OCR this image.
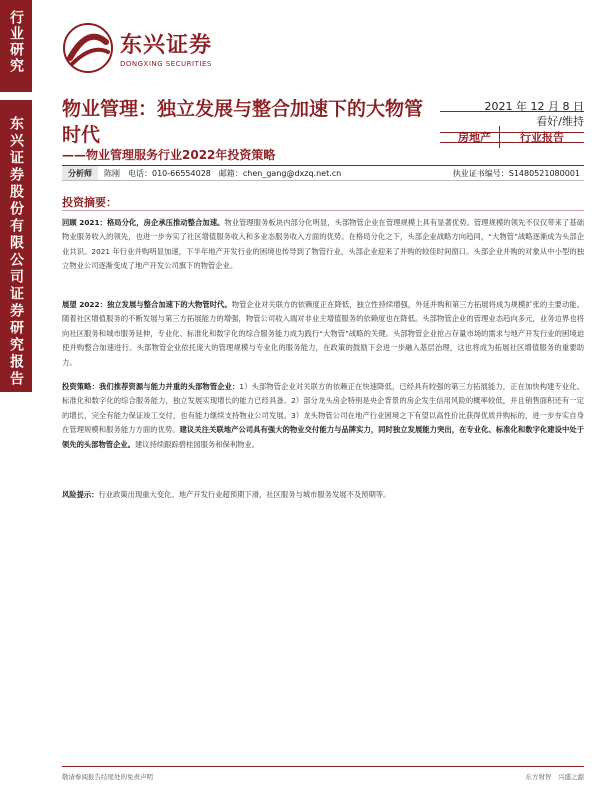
行业研究
东兴证券股份有限公司证券研究报告
东兴证券
DONGXING SECURITIES
物业管理：独立发展与整合加速下的大物管时代
——物业管理服务行业2022年投资策略
2021 年 12 月 8 日
看好/维持
房地产	行业报告
分析师	陈刚 电话：010-66554028 邮箱：chen_gang@dxzq.net.cn	执业证书编号：S1480521080001
投资摘要：
回顾 2021：格局分化，房企承压推动整合加速。物业管理服务板块内部分化明显，头部物管企业在管理规模上具有显著优势。管理规模的领先不仅仅带来了基础物业服务收入的领先，也进一步夯实了社区增值服务收入和多业态服务收入方面的优势。在格局分化之下，头部企业战略方向趋同，“大物管”战略逐渐成为头部企业共识。2021 年行业并购明显加速，下半年地产开发行业的困境也传导到了物管行业，头部企业迎来了并购的较佳时间窗口。头部企业并购的对象从中小型的独立物业公司逐渐变成了地产开发公司旗下的物管企业。
展望 2022：独立发展与整合加速下的大物管时代。物管企业对关联方的依赖度正在降低，独立性持续增强，外延并购和第三方拓展将成为规模扩张的主要动能。随着社区增值服务的不断发展与第三方拓展能力的增强，物管公司收入端对非业主增值服务的依赖度也在降低。头部物管企业的管理业态趋向多元，业务边界也将向社区服务和城市服务延伸，专业化、标准化和数字化的综合服务能力成为践行“大物管”战略的关键。头部物管企业抢占存量市场的需求与地产开发行业的困境迫使并购整合加速进行。头部物管企业依托庞大的管理规模与专业化的服务能力，在政策的鼓励下会进一步融入基层治理，这也将成为拓展社区增值服务的重要助力。
投资策略：我们推荐资源与能力并重的头部物管企业：1）头部物管企业对关联方的依赖正在快速降低，已经具有较强的第三方拓展能力，正在加快构建专业化、标准化和数字化的综合服务能力，独立发展实现增长的能力已经具备。2）部分龙头房企特别是央企背景的房企发生信用风险的概率较低，并且销售面积还有一定的增长，完全有能力保证竣工交付，也有能力继续支持物业公司发展。3）龙头物管公司在地产行业困境之下有望以高性价比获得优质并购标的，进一步夯实自身在管理规模和服务能力方面的优势。建议关注关联地产公司具有强大的物业交付能力与品牌实力，同时独立发展能力突出，在专业化、标准化和数字化建设中处于领先的头部物管企业。建议持续跟踪碧桂园服务和保利物业。
风险提示：行业政策出现重大变化、地产开发行业超预期下滑，社区服务与城市服务发展不及预期等。
敬请参阅报告结尾处的免责声明	东方财智　兴盛之源
